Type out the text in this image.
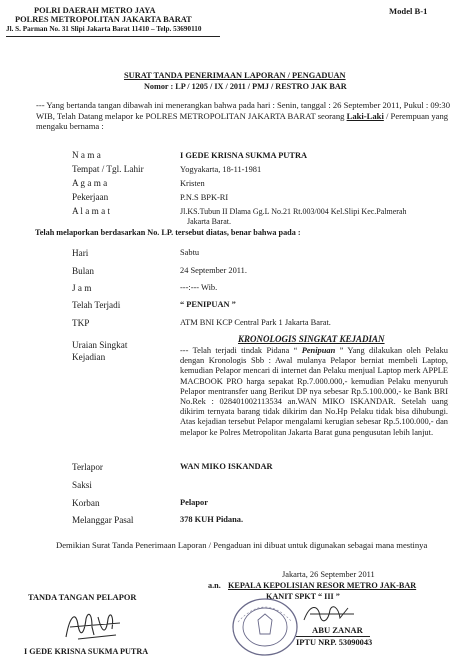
POLRI DAERAH METRO JAYA
POLRES METROPOLITAN JAKARTA BARAT
Jl. S. Parman No. 31 Slipi Jakarta Barat 11410 – Telp. 53690110
Model B-1
SURAT TANDA PENERIMAAN LAPORAN / PENGADUAN
Nomor : LP / 1205 / IX / 2011 / PMJ / RESTRO JAK BAR
--- Yang bertanda tangan dibawah ini menerangkan bahwa pada hari : Senin, tanggal : 26 September 2011, Pukul : 09:30 WIB, Telah Datang melapor ke POLRES METROPOLITAN JAKARTA BARAT seorang Laki-Laki / Perempuan yang mengaku bernama :
N a m a	I GEDE KRISNA SUKMA PUTRA
Tempat / Tgl. Lahir	Yogyakarta, 18-11-1981
A g a m a	Kristen
Pekerjaan	P.N.S BPK-RI
A l a m a t	Jl.KS.Tubun II Dlama Gg.L No.21 Rt.003/004 Kel.Slipi Kec.Palmerah
Jakarta Barat.
Telah melaporkan berdasarkan No. LP. tersebut diatas, benar bahwa pada :
Hari	Sabtu
Bulan	24 September 2011.
J a m	---:--- Wib.
Telah Terjadi	“ PENIPUAN ”
TKP	ATM BNI KCP Central Park 1 Jakarta Barat.
Uraian Singkat
Kejadian
KRONOLOGIS SINGKAT KEJADIAN
--- Telah terjadi tindak Pidana “ Penipuan ” Yang dilakukan oleh Pelaku dengan Kronologis Sbb : Awal mulanya Pelapor berniat membeli Laptop, kemudian Pelapor mencari di internet dan Pelaku menjual Laptop merk APPLE MACBOOK PRO harga sepakat Rp.7.000.000,- kemudian Pelaku menyuruh Pelapor mentransfer uang Berikut DP nya sebesar Rp.5.100.000,- ke Bank BRI No.Rek : 028401002113534 an.WAN MIKO ISKANDAR. Setelah uang dikirim ternyata barang tidak dikirim dan No.Hp Pelaku tidak bisa dihubungi. Atas kejadian tersebut Pelapor mengalami kerugian sebesar Rp.5.100.000,- dan melapor ke Polres Metropolitan Jakarta Barat guna pengusutan lebih lanjut.
Terlapor	WAN MIKO ISKANDAR
Saksi
Korban	Pelapor
Melanggar Pasal	378 KUH Pidana.
Demikian Surat Tanda Penerimaan Laporan / Pengaduan ini dibuat untuk digunakan sebagai mana mestinya
Jakarta, 26 September 2011
a.n. KEPALA KEPOLISIAN RESOR METRO JAK-BAR
KANIT SPKT “ III ”
TANDA TANGAN PELAPOR
I GEDE KRISNA SUKMA PUTRA
ABU ZANAR
IPTU NRP. 53090043
